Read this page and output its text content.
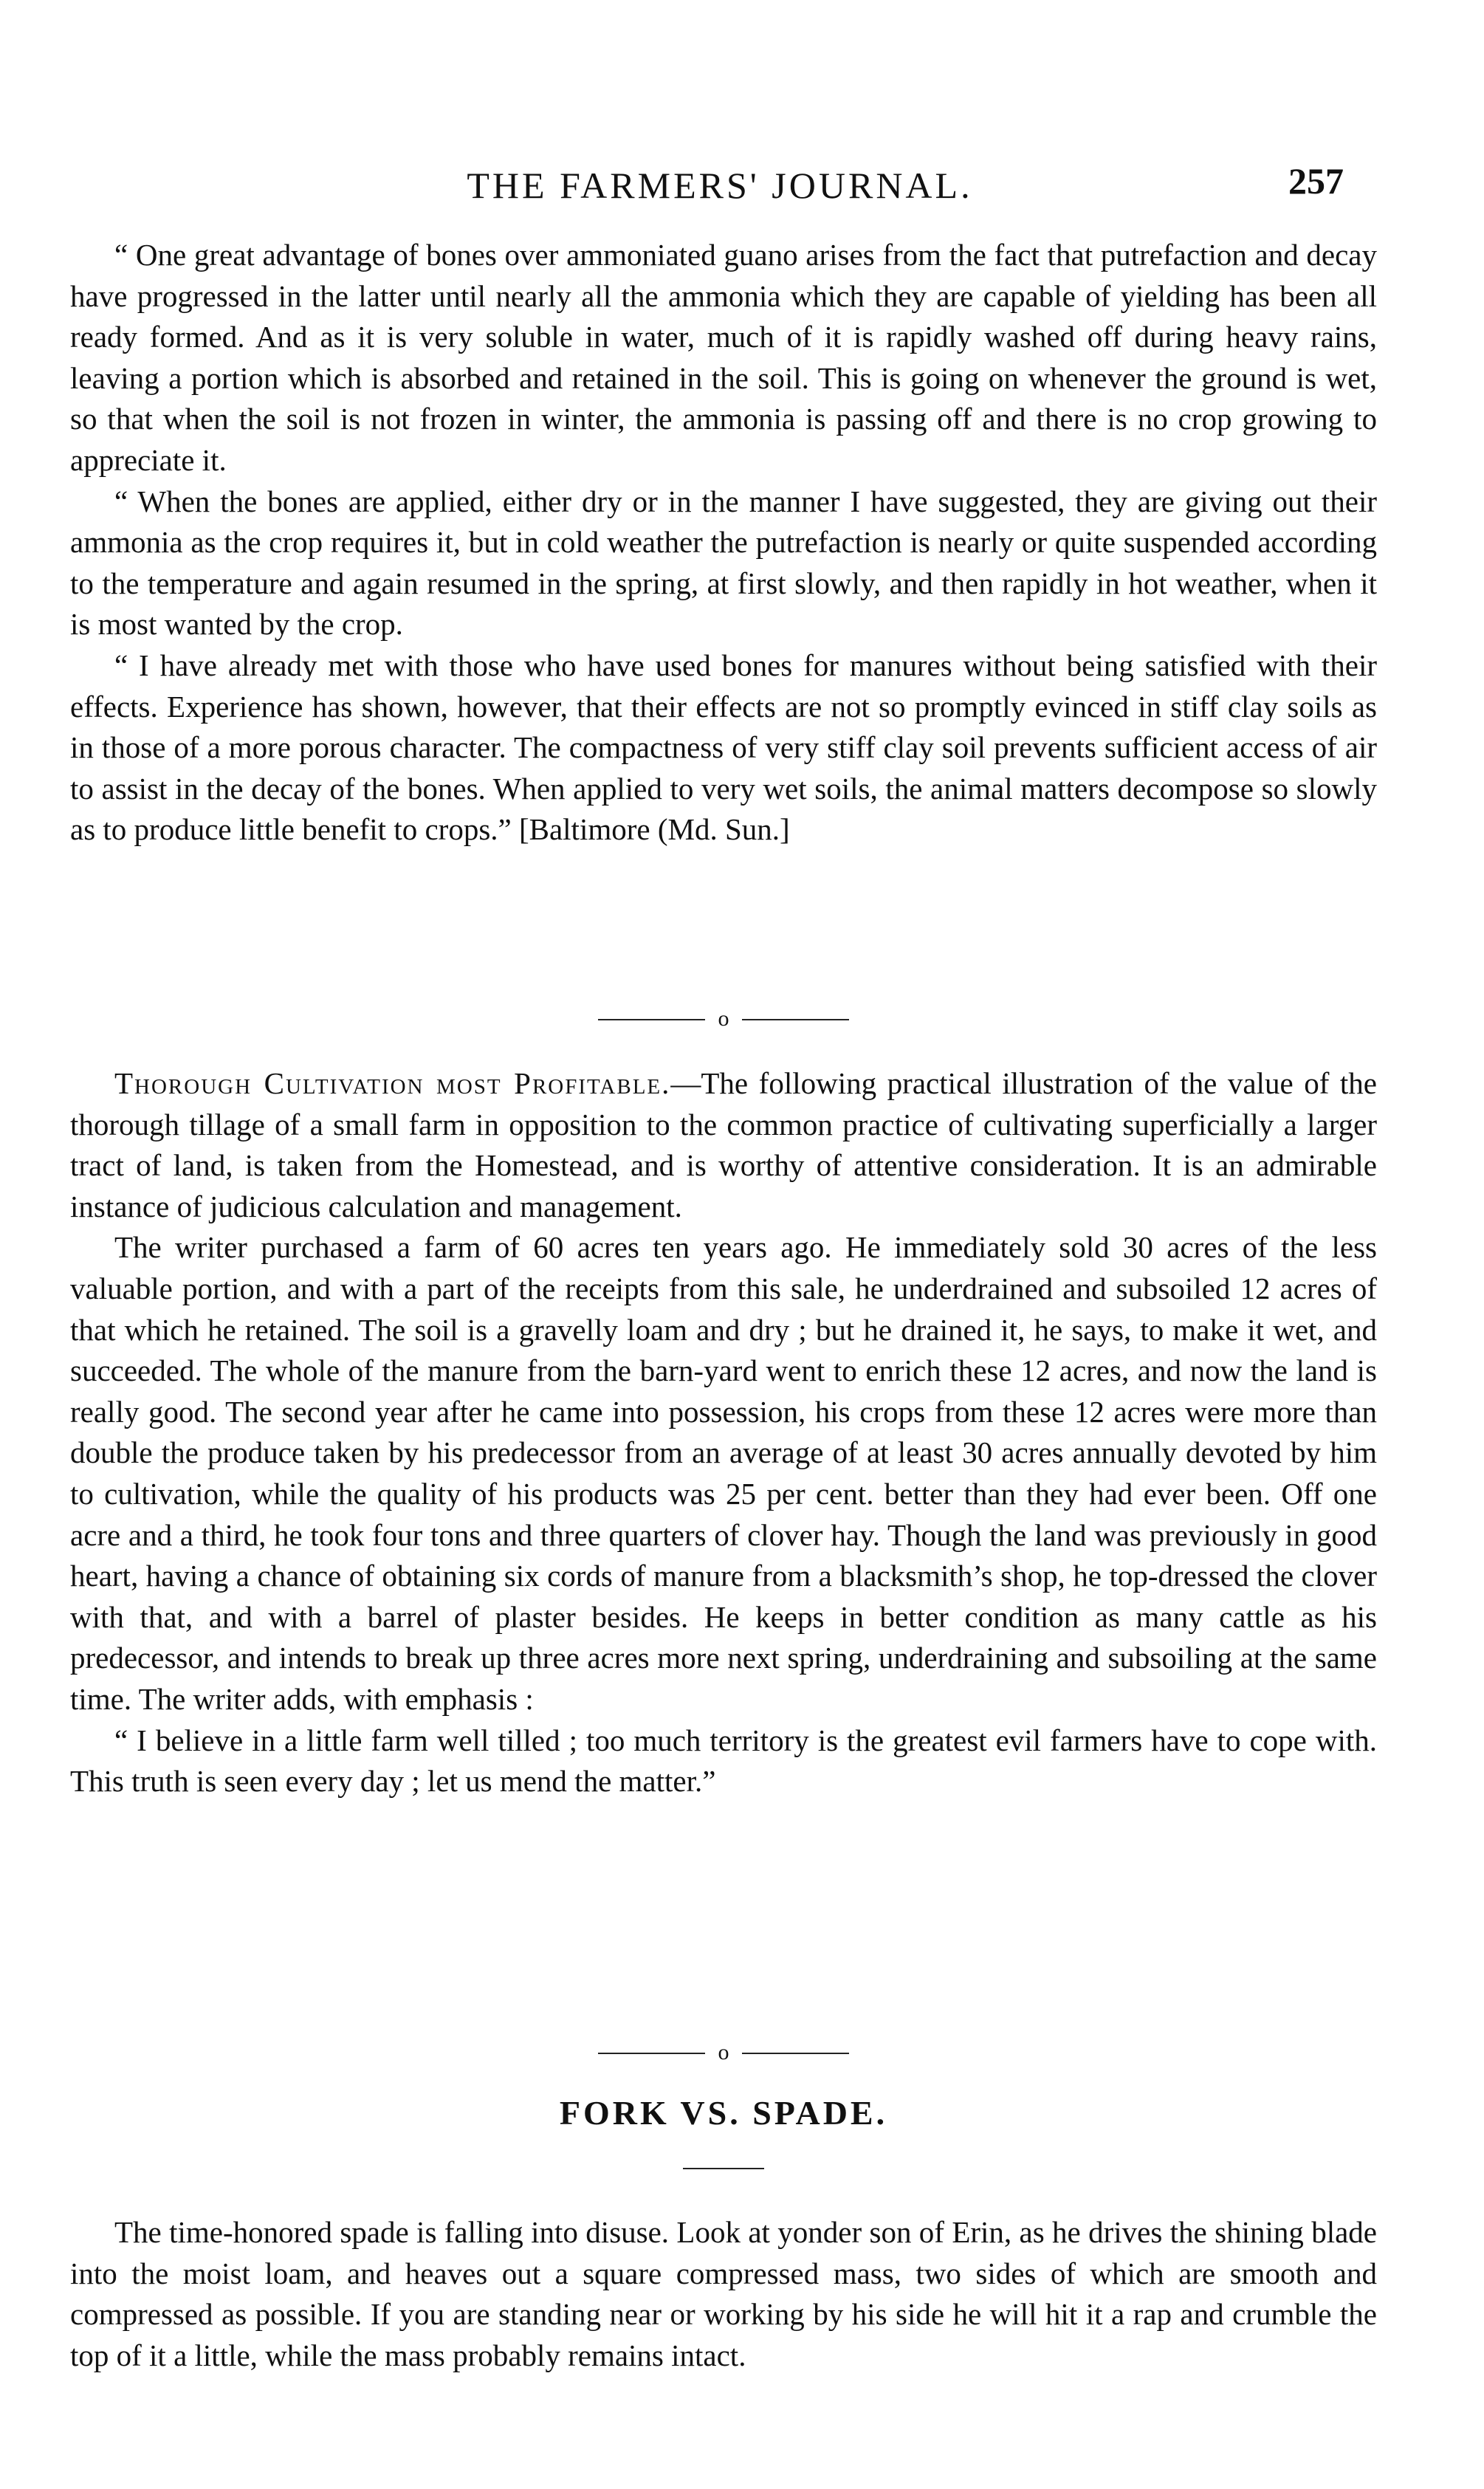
THE FARMERS' JOURNAL.	257

“ One great advantage of bones over ammoniated guano arises from the fact that putrefaction and decay have progressed in the latter until nearly all the ammonia which they are capable of yielding has been all ready formed. And as it is very soluble in water, much of it is rapidly washed off during heavy rains, leaving a portion which is absorbed and retained in the soil. This is going on whenever the ground is wet, so that when the soil is not frozen in winter, the ammonia is passing off and there is no crop growing to appreciate it.

“ When the bones are applied, either dry or in the manner I have suggested, they are giving out their ammonia as the crop requires it, but in cold weather the putrefaction is nearly or quite suspended according to the temperature and again resumed in the spring, at first slowly, and then rapidly in hot weather, when it is most wanted by the crop.

“ I have already met with those who have used bones for manures without being satisfied with their effects. Experience has shown, however, that their effects are not so promptly evinced in stiff clay soils as in those of a more porous character. The compactness of very stiff clay soil prevents sufficient access of air to assist in the decay of the bones. When applied to very wet soils, the animal matters decompose so slowly as to produce little benefit to crops.” [Baltimore (Md. Sun.]

o

Thorough Cultivation most Profitable.—The following practical illustration of the value of the thorough tillage of a small farm in opposition to the common practice of cultivating superficially a larger tract of land, is taken from the Homestead, and is worthy of attentive consideration. It is an admirable instance of judicious calculation and management.

The writer purchased a farm of 60 acres ten years ago. He immediately sold 30 acres of the less valuable portion, and with a part of the receipts from this sale, he underdrained and subsoiled 12 acres of that which he retained. The soil is a gravelly loam and dry ; but he drained it, he says, to make it wet, and succeeded. The whole of the manure from the barn-yard went to enrich these 12 acres, and now the land is really good. The second year after he came into possession, his crops from these 12 acres were more than double the produce taken by his predecessor from an average of at least 30 acres annually devoted by him to cultivation, while the quality of his products was 25 per cent. better than they had ever been. Off one acre and a third, he took four tons and three quarters of clover hay. Though the land was previously in good heart, having a chance of obtaining six cords of manure from a blacksmith’s shop, he top-dressed the clover with that, and with a barrel of plaster besides. He keeps in better condition as many cattle as his predecessor, and intends to break up three acres more next spring, underdraining and subsoiling at the same time. The writer adds, with emphasis :

“ I believe in a little farm well tilled ; too much territory is the greatest evil farmers have to cope with. This truth is seen every day ; let us mend the matter.”

o
FORK VS. SPADE.

The time-honored spade is falling into disuse. Look at yonder son of Erin, as he drives the shining blade into the moist loam, and heaves out a square compressed mass, two sides of which are smooth and compressed as possible. If you are standing near or working by his side he will hit it a rap and crumble the top of it a little, while the mass probably remains intact.
